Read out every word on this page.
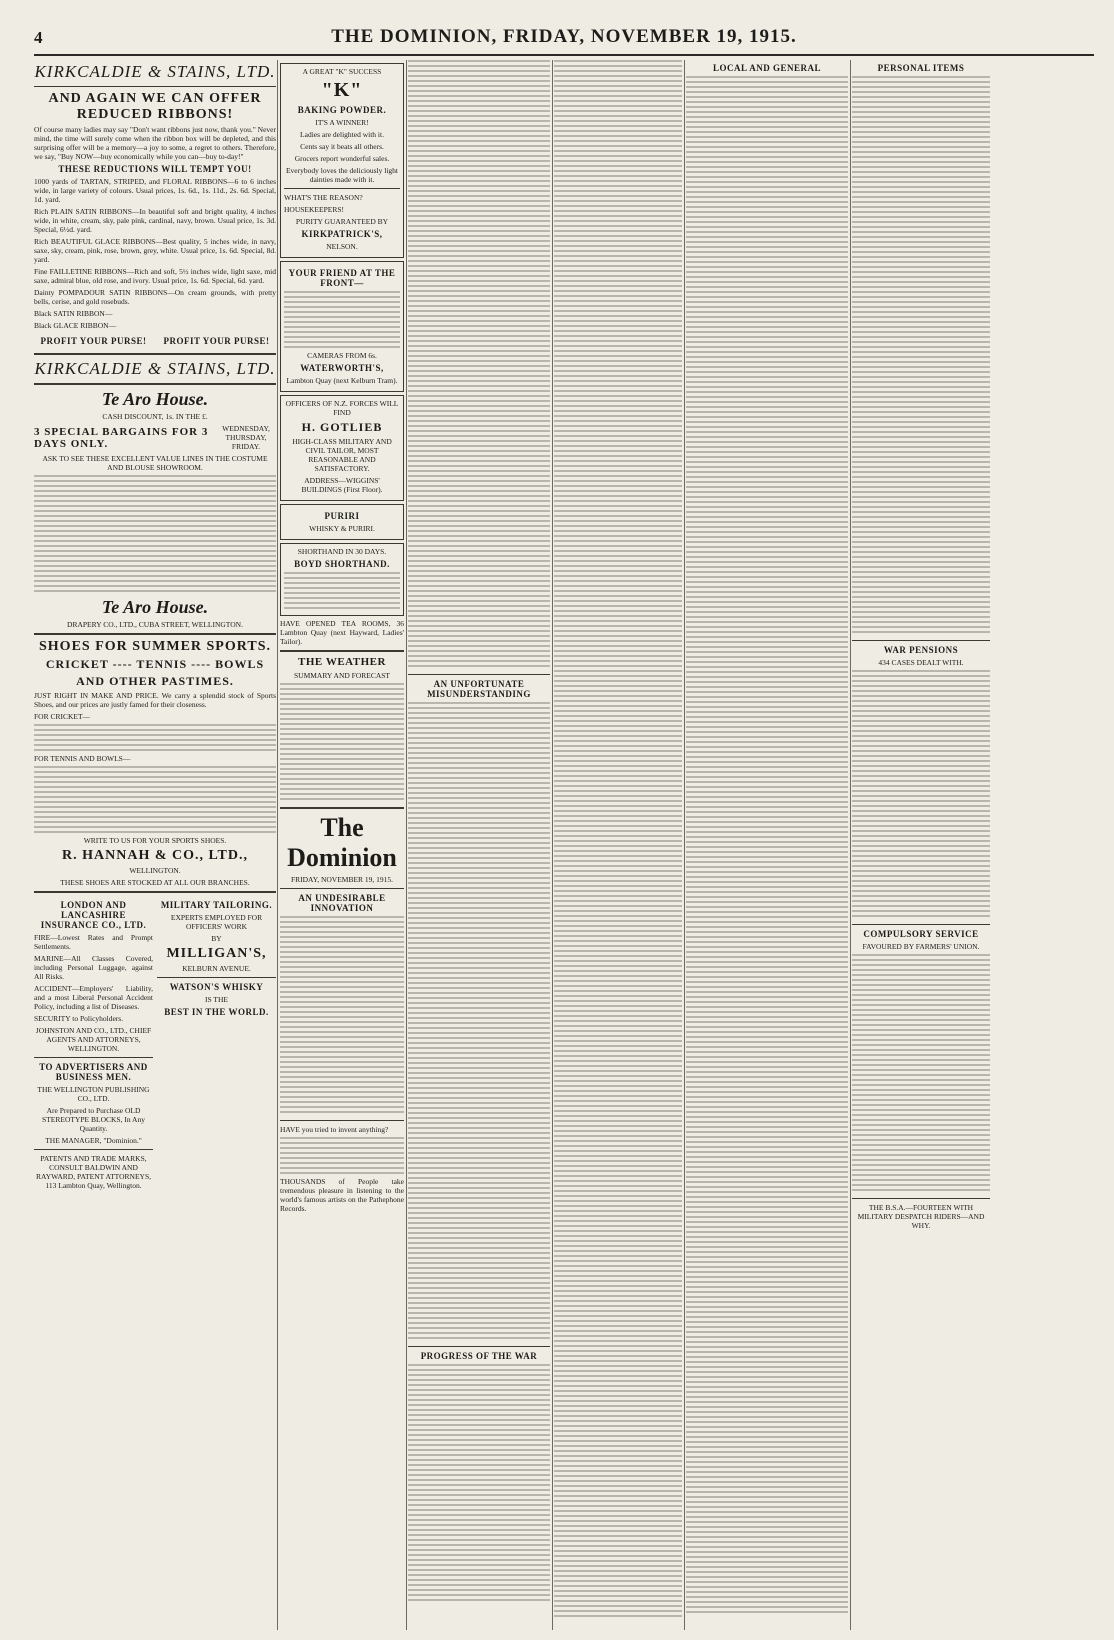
4	THE DOMINION, FRIDAY, NOVEMBER 19, 1915.
KIRKCALDIE & STAINS, LTD.
AND AGAIN WE CAN OFFER REDUCED RIBBONS!

Of course many ladies may say "Don't want ribbons just now, thank you." Never mind, the time will surely come when the ribbon box will be depleted, and this surprising offer will be a memory—a joy to some, a regret to others. Therefore, we say, "Buy NOW—buy economically while you can—buy to-day!"

THESE REDUCTIONS WILL TEMPT YOU!

1000 yards of TARTAN, STRIPED, and FLORAL RIBBONS—6 to 6 inches wide, in large variety of colours. Usual prices, 1s. 6d., 1s. 11d., 2s. 6d. Special, 1d. yard.

Rich PLAIN SATIN RIBBONS—In beautiful soft and bright quality, 4 inches wide, in white, cream, sky, pale pink, cardinal, navy, brown. Usual price, 1s. 3d. Special, 6½d. yard.

Rich BEAUTIFUL GLACE RIBBONS—Best quality, 5 inches wide, in navy, saxe, sky, cream, pink, rose, brown, grey, white. Usual price, 1s. 6d. Special, 8d. yard.

Fine FAILLETINE RIBBONS—Rich and soft, 5½ inches wide, light saxe, mid saxe, admiral blue, old rose, and ivory. Usual price, 1s. 6d. Special, 6d. yard.

Dainty POMPADOUR SATIN RIBBONS—On cream grounds, with pretty bells, cerise, and gold rosebuds.

Black SATIN RIBBON—

Black GLACE RIBBON—

PROFIT YOUR PURSE!	PROFIT YOUR PURSE!
KIRKCALDIE & STAINS, LTD.
Te Aro House.
CASH DISCOUNT, 1s. IN THE £.
3 SPECIAL BARGAINS FOR 3 DAYS ONLY.
WEDNESDAY, THURSDAY, FRIDAY.
ASK TO SEE THESE EXCELLENT VALUE LINES IN THE COSTUME AND BLOUSE SHOWROOM.
Te Aro House.
DRAPERY CO., LTD., CUBA STREET, WELLINGTON.
SHOES FOR SUMMER SPORTS.
CRICKET ---- TENNIS ---- BOWLS
AND OTHER PASTIMES.

JUST RIGHT IN MAKE AND PRICE. We carry a splendid stock of Sports Shoes, and our prices are justly famed for their closeness.

FOR CRICKET—

FOR TENNIS AND BOWLS—

WRITE TO US FOR YOUR SPORTS SHOES.
R. HANNAH & CO., LTD.,
WELLINGTON.
THESE SHOES ARE STOCKED AT ALL OUR BRANCHES.
LONDON AND LANCASHIRE INSURANCE CO., LTD.

FIRE—Lowest Rates and Prompt Settlements.

MARINE—All Classes Covered, including Personal Luggage, against All Risks.

ACCIDENT—Employers' Liability, and a most Liberal Personal Accident Policy, including a list of Diseases.

SECURITY to Policyholders.

JOHNSTON AND CO., LTD., CHIEF AGENTS AND ATTORNEYS, WELLINGTON.

TO ADVERTISERS AND BUSINESS MEN.

THE WELLINGTON PUBLISHING CO., LTD.

Are Prepared to Purchase OLD STEREOTYPE BLOCKS, In Any Quantity.

THE MANAGER, "Dominion."

PATENTS AND TRADE MARKS, CONSULT BALDWIN AND RAYWARD, PATENT ATTORNEYS, 113 Lambton Quay, Wellington.

MILITARY TAILORING.

EXPERTS EMPLOYED FOR OFFICERS' WORK

BY

MILLIGAN'S,

KELBURN AVENUE.

WATSON'S WHISKY

IS THE

BEST IN THE WORLD.

A GREAT "K" SUCCESS

"K"
BAKING POWDER.

IT'S A WINNER!

Ladies are delighted with it.

Cents say it beats all others.

Grocers report wonderful sales.

Everybody loves the deliciously light dainties made with it.

WHAT'S THE REASON?

HOUSEKEEPERS!

PURITY GUARANTEED BY

KIRKPATRICK'S,

NELSON.

YOUR FRIEND AT THE FRONT—

CAMERAS FROM 6s.

WATERWORTH'S,

Lambton Quay (next Kelburn Tram).

OFFICERS OF N.Z. FORCES WILL FIND

H. GOTLIEB

HIGH-CLASS MILITARY AND CIVIL TAILOR, MOST REASONABLE AND SATISFACTORY.

ADDRESS—WIGGINS' BUILDINGS (First Floor).

PURIRI

WHISKY & PURIRI.

SHORTHAND IN 30 DAYS.

BOYD SHORTHAND.

HAVE OPENED TEA ROOMS, 36 Lambton Quay (next Hayward, Ladies' Tailor).

THE WEATHER

SUMMARY AND FORECAST

The Dominion

FRIDAY, NOVEMBER 19, 1915.

AN UNDESIRABLE INNOVATION

HAVE you tried to invent anything?

THOUSANDS of People take tremendous pleasure in listening to the world's famous artists on the Pathephone Records.

AN UNFORTUNATE MISUNDERSTANDING
PROGRESS OF THE WAR
LOCAL AND GENERAL	PERSONAL ITEMS
WAR PENSIONS

434 CASES DEALT WITH.

COMPULSORY SERVICE

FAVOURED BY FARMERS' UNION.

THE B.S.A.—FOURTEEN WITH MILITARY DESPATCH RIDERS—AND WHY.
